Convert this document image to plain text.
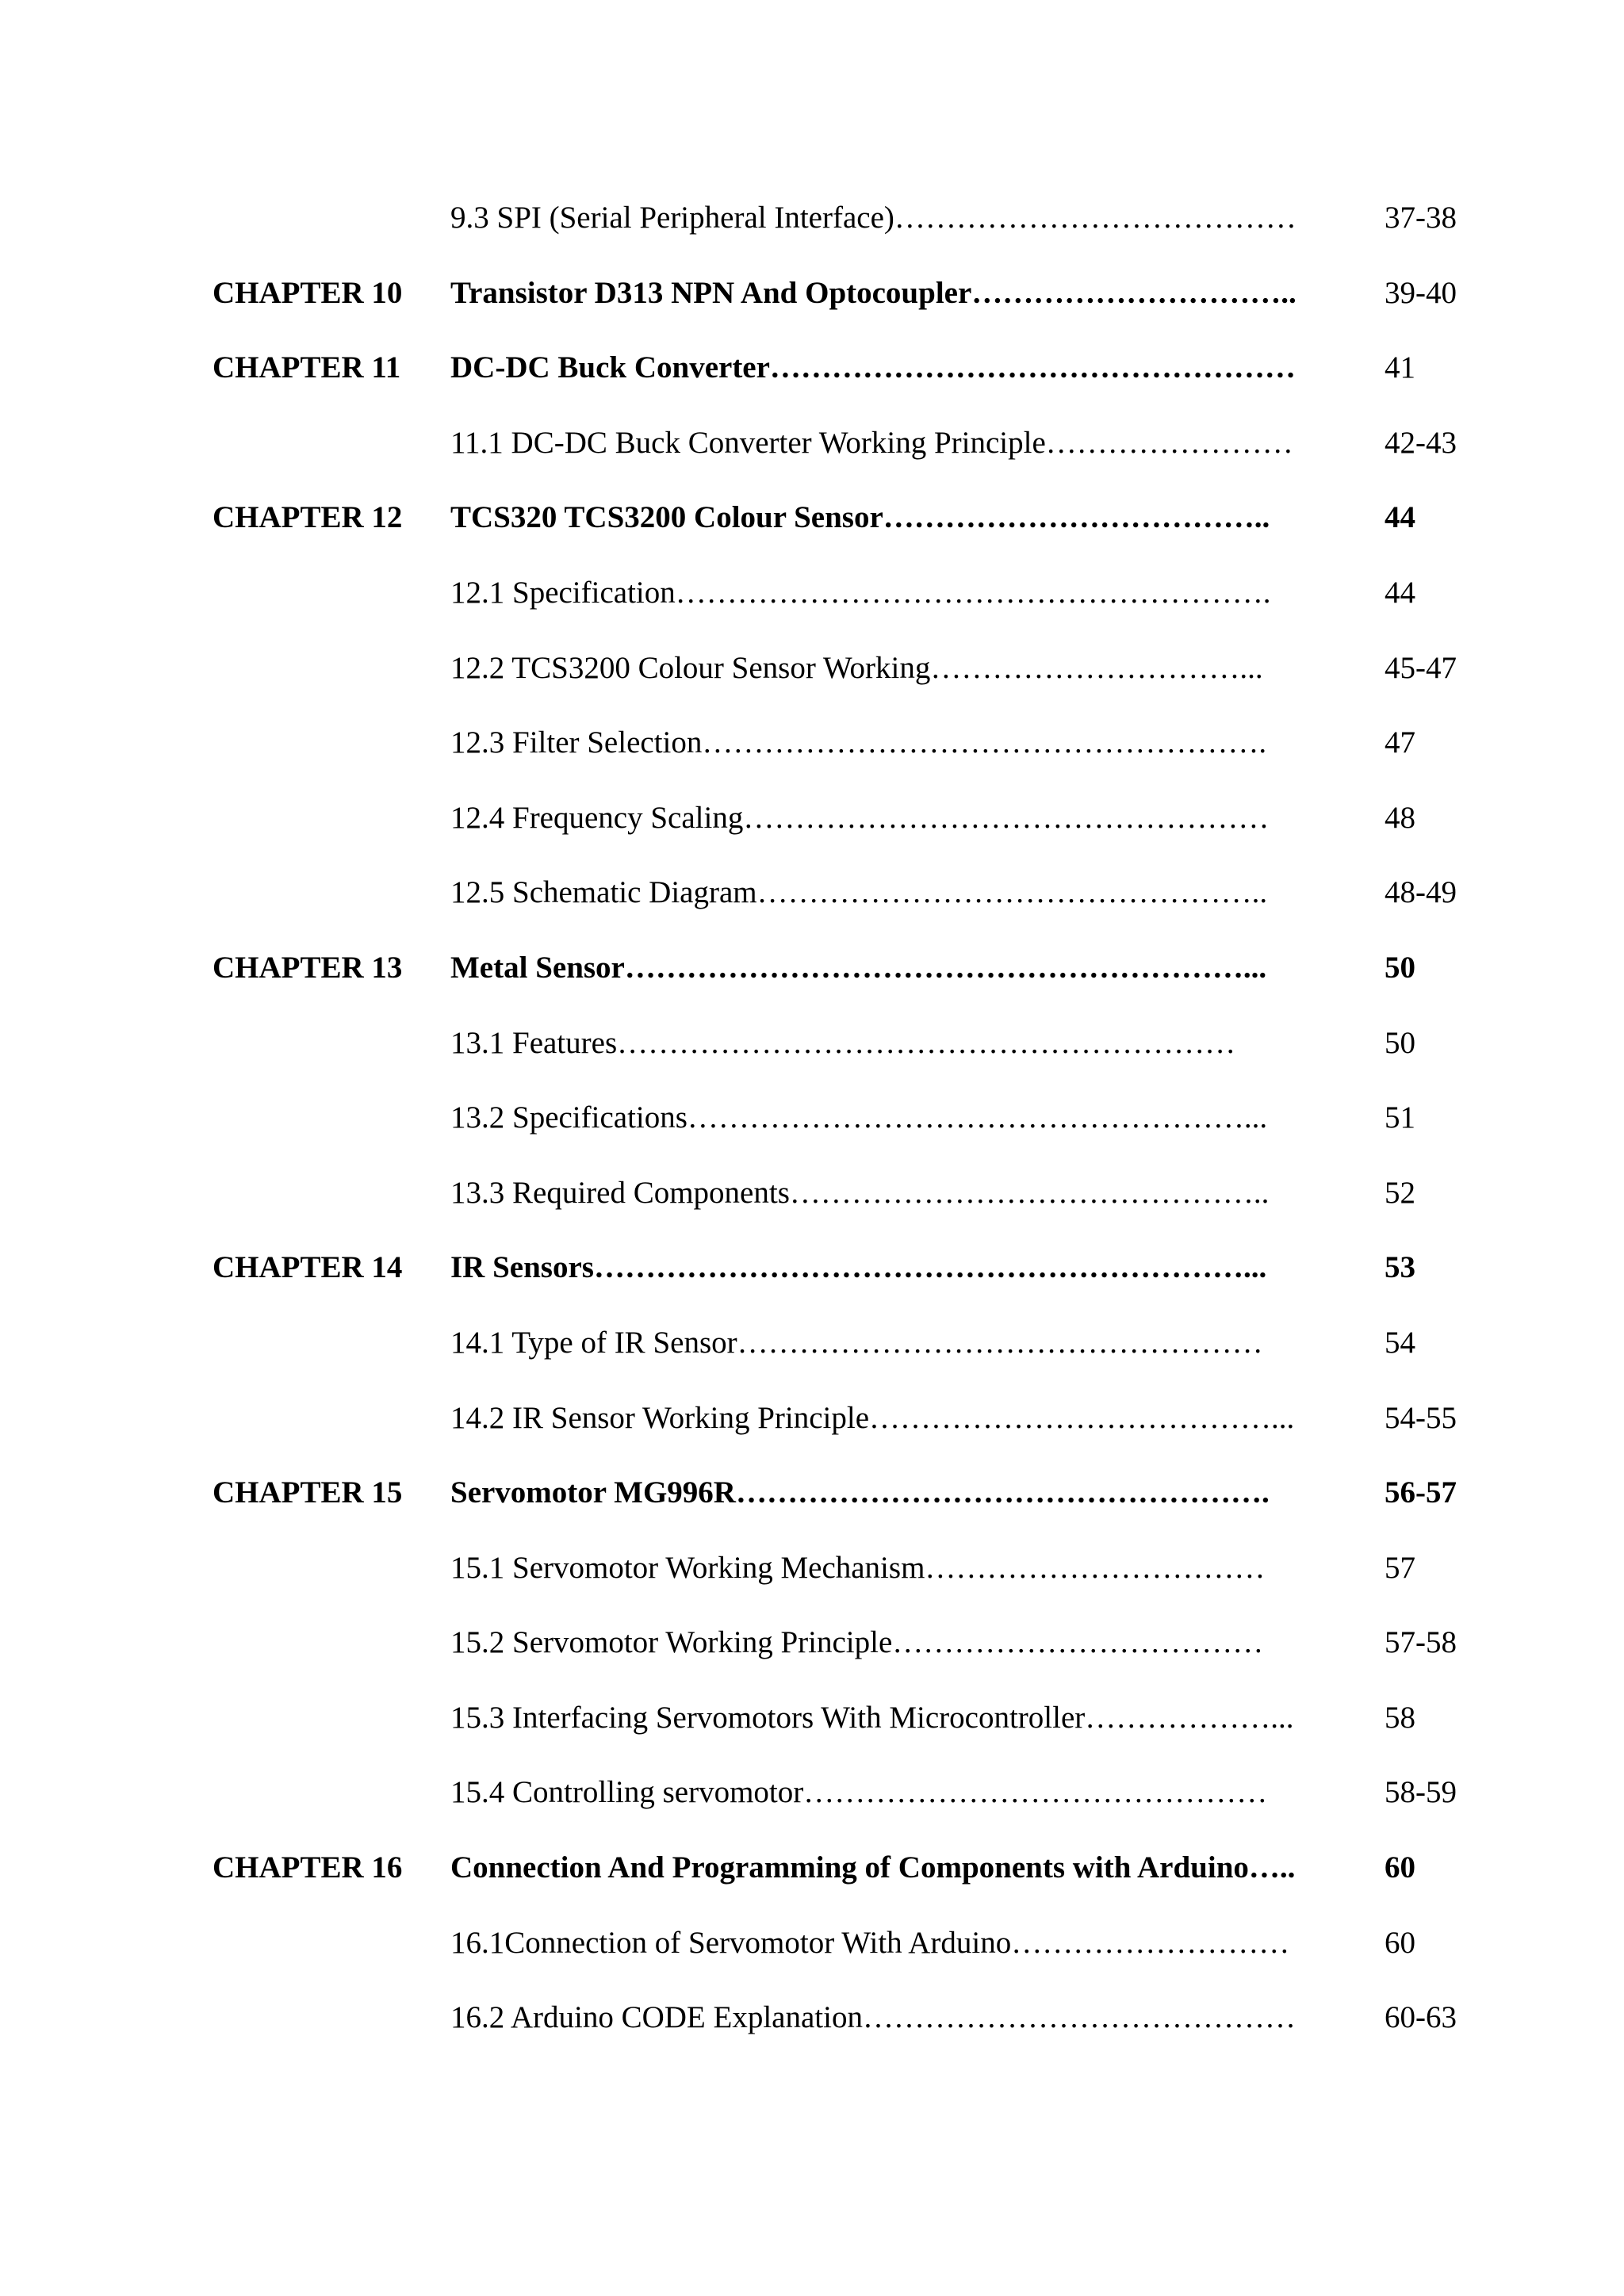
9.3 SPI (Serial Peripheral Interface)…………………………………	37-38
CHAPTER 10 Transistor D313 NPN And Optocoupler…………………………..	39-40
CHAPTER 11 DC-DC Buck Converter……………………………………………	41
11.1 DC-DC Buck Converter Working Principle……………………	42-43
CHAPTER 12 TCS320 TCS3200 Colour Sensor………………………………..	44
12.1 Specification………………………………………………….	44
12.2 TCS3200 Colour Sensor Working…………………………...	45-47
12.3 Filter Selection……………………………………………….	47
12.4 Frequency Scaling……………………………………………	48
12.5 Schematic Diagram…………………………………………..	48-49
CHAPTER 13 Metal Sensor……………………………………………………...	50
13.1 Features……………………………………………………	50
13.2 Specifications………………………………………………...	51
13.3 Required Components………………………………………..	52
CHAPTER 14 IR Sensors………………………………………………………...	53
14.1 Type of IR Sensor……………………………………………	54
14.2 IR Sensor Working Principle…………………………………...	54-55
CHAPTER 15 Servomotor MG996R…………………………………………….	56-57
15.1 Servomotor Working Mechanism……………………………	57
15.2 Servomotor Working Principle………………………………	57-58
15.3 Interfacing Servomotors With Microcontroller………………...	58
15.4 Controlling servomotor………………………………………	58-59
CHAPTER 16 Connection And Programming of Components with Arduino…..	60
16.1Connection of Servomotor With Arduino………………………	60
16.2 Arduino CODE Explanation……………………………………	60-63
